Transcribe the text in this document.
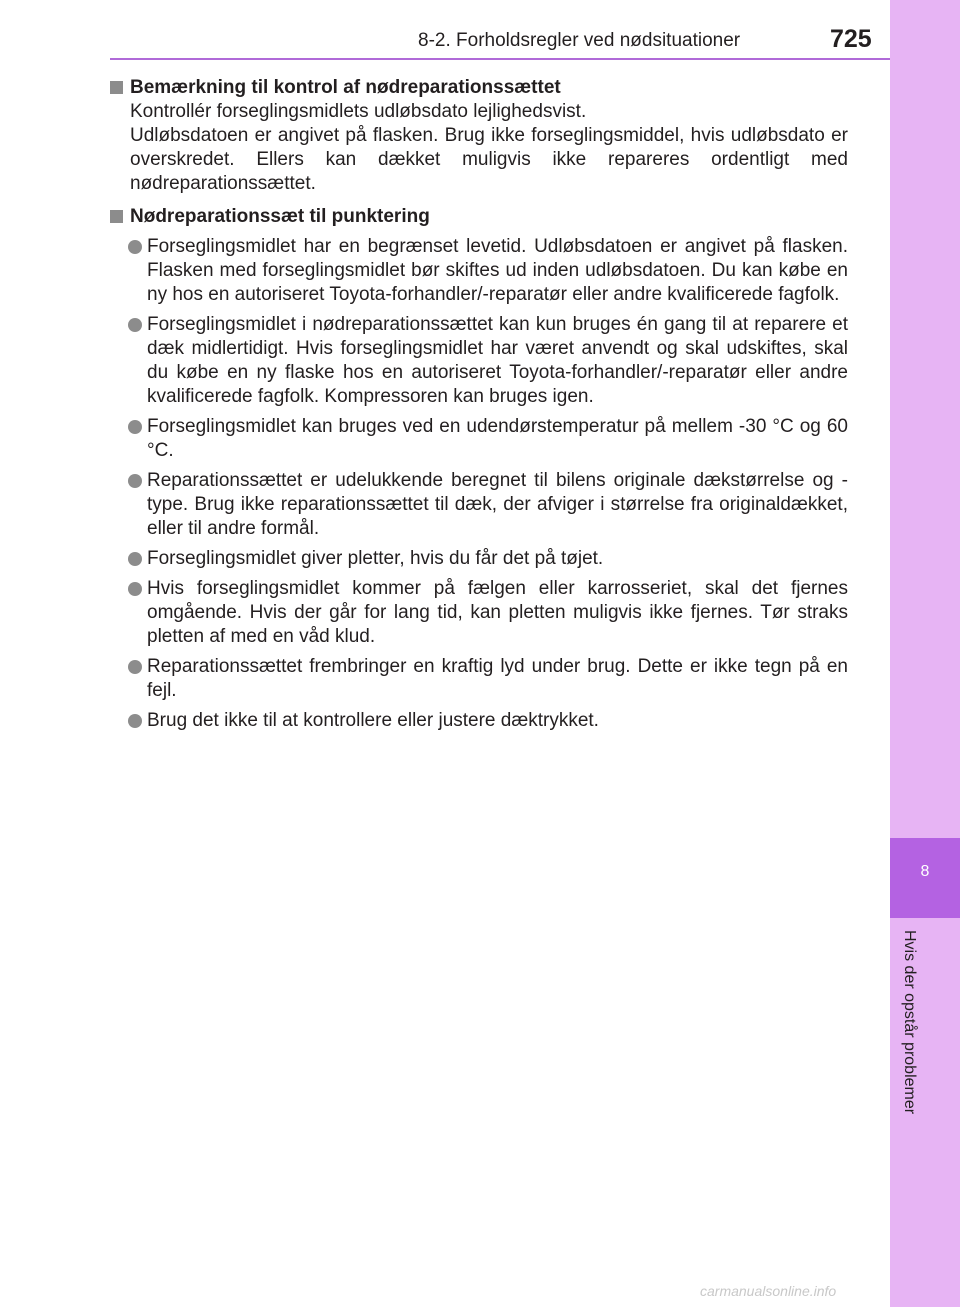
8-2. Forholdsregler ved nødsituationer	725
8
Hvis der opstår problemer
Bemærkning til kontrol af nødreparationssættet
Kontrollér forseglingsmidlets udløbsdato lejlighedsvist.
Udløbsdatoen er angivet på flasken. Brug ikke forseglingsmiddel, hvis udløbsdato er overskredet. Ellers kan dækket muligvis ikke repareres ordentligt med nødreparationssættet.
Nødreparationssæt til punktering
Forseglingsmidlet har en begrænset levetid. Udløbsdatoen er angivet på flasken. Flasken med forseglingsmidlet bør skiftes ud inden udløbsdatoen. Du kan købe en ny hos en autoriseret Toyota-forhandler/-reparatør eller andre kvalificerede fagfolk.
Forseglingsmidlet i nødreparationssættet kan kun bruges én gang til at reparere et dæk midlertidigt. Hvis forseglingsmidlet har været anvendt og skal udskiftes, skal du købe en ny flaske hos en autoriseret Toyota-forhandler/-reparatør eller andre kvalificerede fagfolk. Kompressoren kan bruges igen.
Forseglingsmidlet kan bruges ved en udendørstemperatur på mellem -30 °C og 60 °C.
Reparationssættet er udelukkende beregnet til bilens originale dækstørrelse og -type. Brug ikke reparationssættet til dæk, der afviger i størrelse fra originaldækket, eller til andre formål.
Forseglingsmidlet giver pletter, hvis du får det på tøjet.
Hvis forseglingsmidlet kommer på fælgen eller karrosseriet, skal det fjernes omgående. Hvis der går for lang tid, kan pletten muligvis ikke fjernes. Tør straks pletten af med en våd klud.
Reparationssættet frembringer en kraftig lyd under brug. Dette er ikke tegn på en fejl.
Brug det ikke til at kontrollere eller justere dæktrykket.
carmanualsonline.info
